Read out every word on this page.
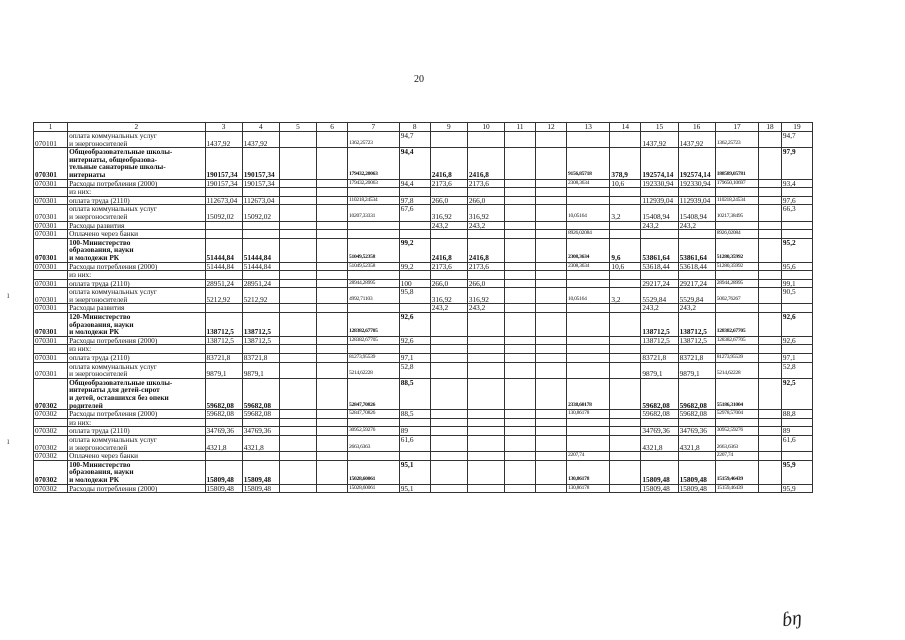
20
1	2	3	4	5	6	7	8	9	10	11	12	13	14	15	16	17	18	19
070101	оплата коммунальных услуг
и энергоносителей	1437,92	1437,92			1362,25723	94,7							1437,92	1437,92	1362,25723		94,7
070301	Общеобразовательные школы-
интернаты, общеобразова-
тельные санаторные школы-
интернаты	190157,34	190157,34			179432,20063	94,4	2416,8	2416,8			9156,85718	378,9	192574,14	192574,14	188589,05781		97,9
070301	Расходы потребления (2000)	190157,34	190157,34			179432,20063	94,4	2173,6	2173,6			2308,3634	10,6	192330,94	192330,94	179650,10697		93,4
	из них:																	
070301	оплата труда (2110)	112673,04	112673,04			110218,24534	97,8	266,0	266,0					112939,04	112939,04	110218,24534		97,6
070301	оплата коммунальных услуг
и энергоносителей	15092,02	15092,02			10207,33331	67,6	316,92	316,92			10,05164	3,2	15408,94	15408,94	10217,38495		66,3
070301	Расходы развития							243,2	243,2					243,2	243,2			
070301	Оплачено через банки											8926,02084				8926,02084		
070301	100-Министерство
образования, науки
и молодежи РК	51444,84	51444,84			51049,52358	99,2	2416,8	2416,8			2308,3634	9,6	53861,64	53861,64	51280,35992		95,2
070301	Расходы потребления (2000)	51444,84	51444,84			51049,52358	99,2	2173,6	2173,6			2308,3634	10,6	53618,44	53618,44	51280,35992		95,6
	из них:																	
070301	оплата труда (2110)	28951,24	28951,24			28944,28995	100	266,0	266,0					29217,24	29217,24	28944,28995		99,1
070301	оплата коммунальных услуг
и энергоносителей	5212,92	5212,92			4992,71103	95,8	316,92	316,92			10,05164	3,2	5529,84	5529,84	5002,76267		90,5
070301	Расходы развития							243,2	243,2					243,2	243,2			
070301	120-Министерство
образования, науки
и молодежи РК	138712,5	138712,5			128382,67705	92,6							138712,5	138712,5	128382,67705		92,6
070301	Расходы потребления (2000)	138712,5	138712,5			128382,67705	92,6							138712,5	138712,5	128382,67705		92,6
	из них:																	
070301	оплата труда (2110)	83721,8	83721,8			81273,95539	97,1							83721,8	83721,8	81273,95539		97,1
070301	оплата коммунальных услуг
и энергоносителей	9879,1	9879,1			5214,62228	52,8							9879,1	9879,1	5214,62228		52,8
070302	Общеобразовательные школы-
интернаты для детей-сирот
и детей, оставшихся без опеки
родителей	59682,08	59682,08			52847,70826	88,5					2338,60178		59682,08	59682,08	55186,31004		92,5
070302	Расходы потребления (2000)	59682,08	59682,08			52847,70826	88,5					130,86178		59682,08	59682,08	52978,57004		88,8
	из них:																	
070302	оплата труда (2110)	34769,36	34769,36			30952,59276	89							34769,36	34769,36	30952,59276		89
070302	оплата коммунальных услуг
и энергоносителей	4321,8	4321,8			2663,6363	61,6							4321,8	4321,8	2663,6363		61,6
070302	Оплачено через банки											2207,74				2207,74		
070302	100-Министерство
образования, науки
и молодежи РК	15809,48	15809,48			15028,60061	95,1					130,86178		15809,48	15809,48	15159,46439		95,9
070302	Расходы потребления (2000)	15809,48	15809,48			15028,60061	95,1					130,86178		15809,48	15809,48	15159,46439		95,9
ɓŋ
ı
ı
